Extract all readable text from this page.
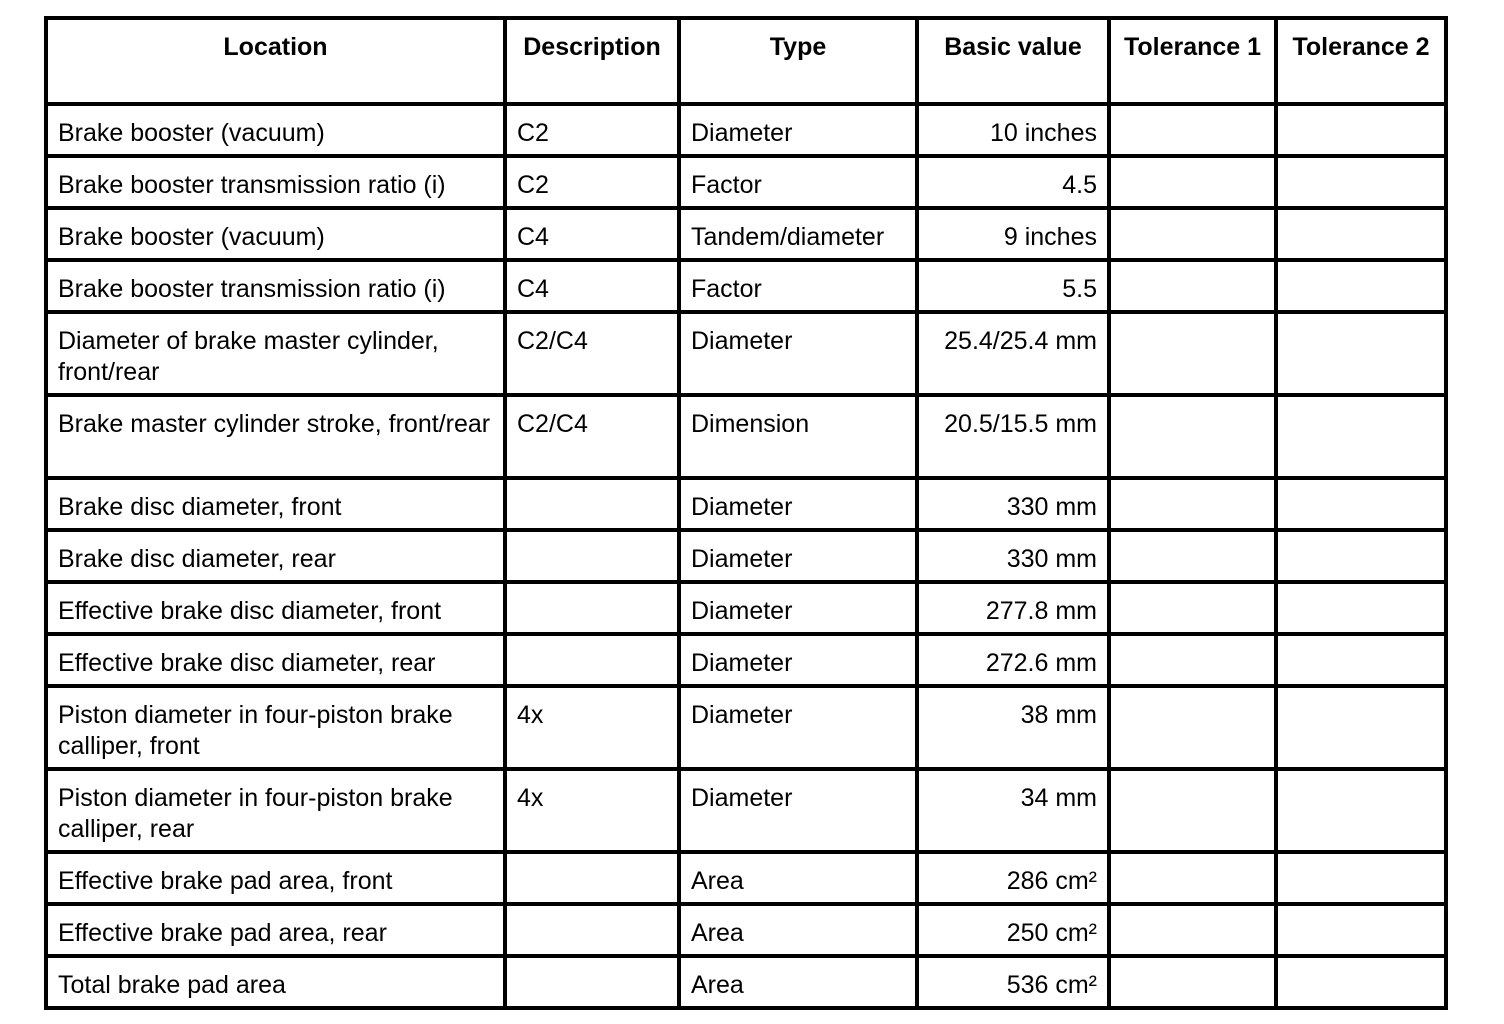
Location	Description	Type	Basic value	Tolerance 1	Tolerance 2
Brake booster (vacuum)	C2	Diameter	10 inches		
Brake booster transmission ratio (i)	C2	Factor	4.5		
Brake booster (vacuum)	C4	Tandem/diameter	9 inches		
Brake booster transmission ratio (i)	C4	Factor	5.5		
Diameter of brake master cylinder, front/rear	C2/C4	Diameter	25.4/25.4 mm		
Brake master cylinder stroke, front/rear	C2/C4	Dimension	20.5/15.5 mm		
Brake disc diameter, front		Diameter	330 mm		
Brake disc diameter, rear		Diameter	330 mm		
Effective brake disc diameter, front		Diameter	277.8 mm		
Effective brake disc diameter, rear		Diameter	272.6 mm		
Piston diameter in four-piston brake calliper, front	4x	Diameter	38 mm		
Piston diameter in four-piston brake calliper, rear	4x	Diameter	34 mm		
Effective brake pad area, front		Area	286 cm²		
Effective brake pad area, rear		Area	250 cm²		
Total brake pad area		Area	536 cm²		
